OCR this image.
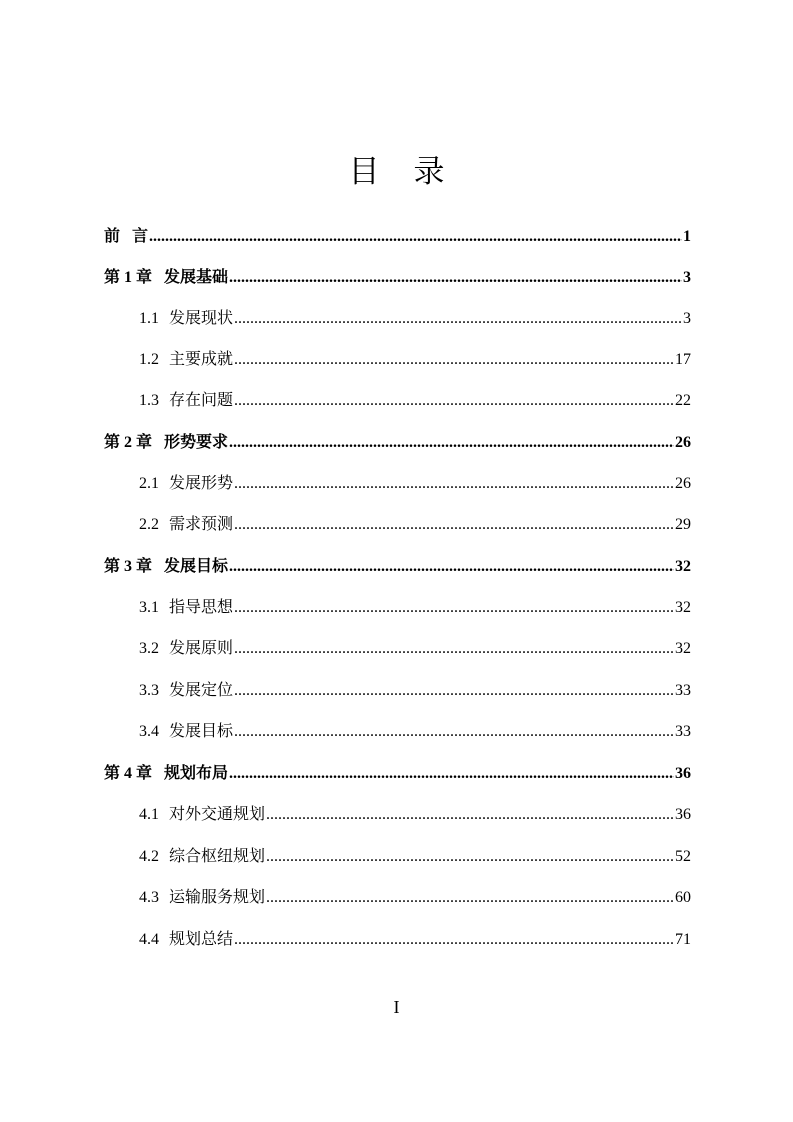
目录
前言 .....	1
第 1 章 发展基础 .....	3
1.1 发展现状 .....	3
1.2 主要成就 .....	17
1.3 存在问题 .....	22
第 2 章 形势要求 .....	26
2.1 发展形势 .....	26
2.2 需求预测 .....	29
第 3 章 发展目标 .....	32
3.1 指导思想 .....	32
3.2 发展原则 .....	32
3.3 发展定位 .....	33
3.4 发展目标 .....	33
第 4 章 规划布局 .....	36
4.1 对外交通规划 .....	36
4.2 综合枢纽规划 .....	52
4.3 运输服务规划 .....	60
4.4 规划总结 .....	71
I
